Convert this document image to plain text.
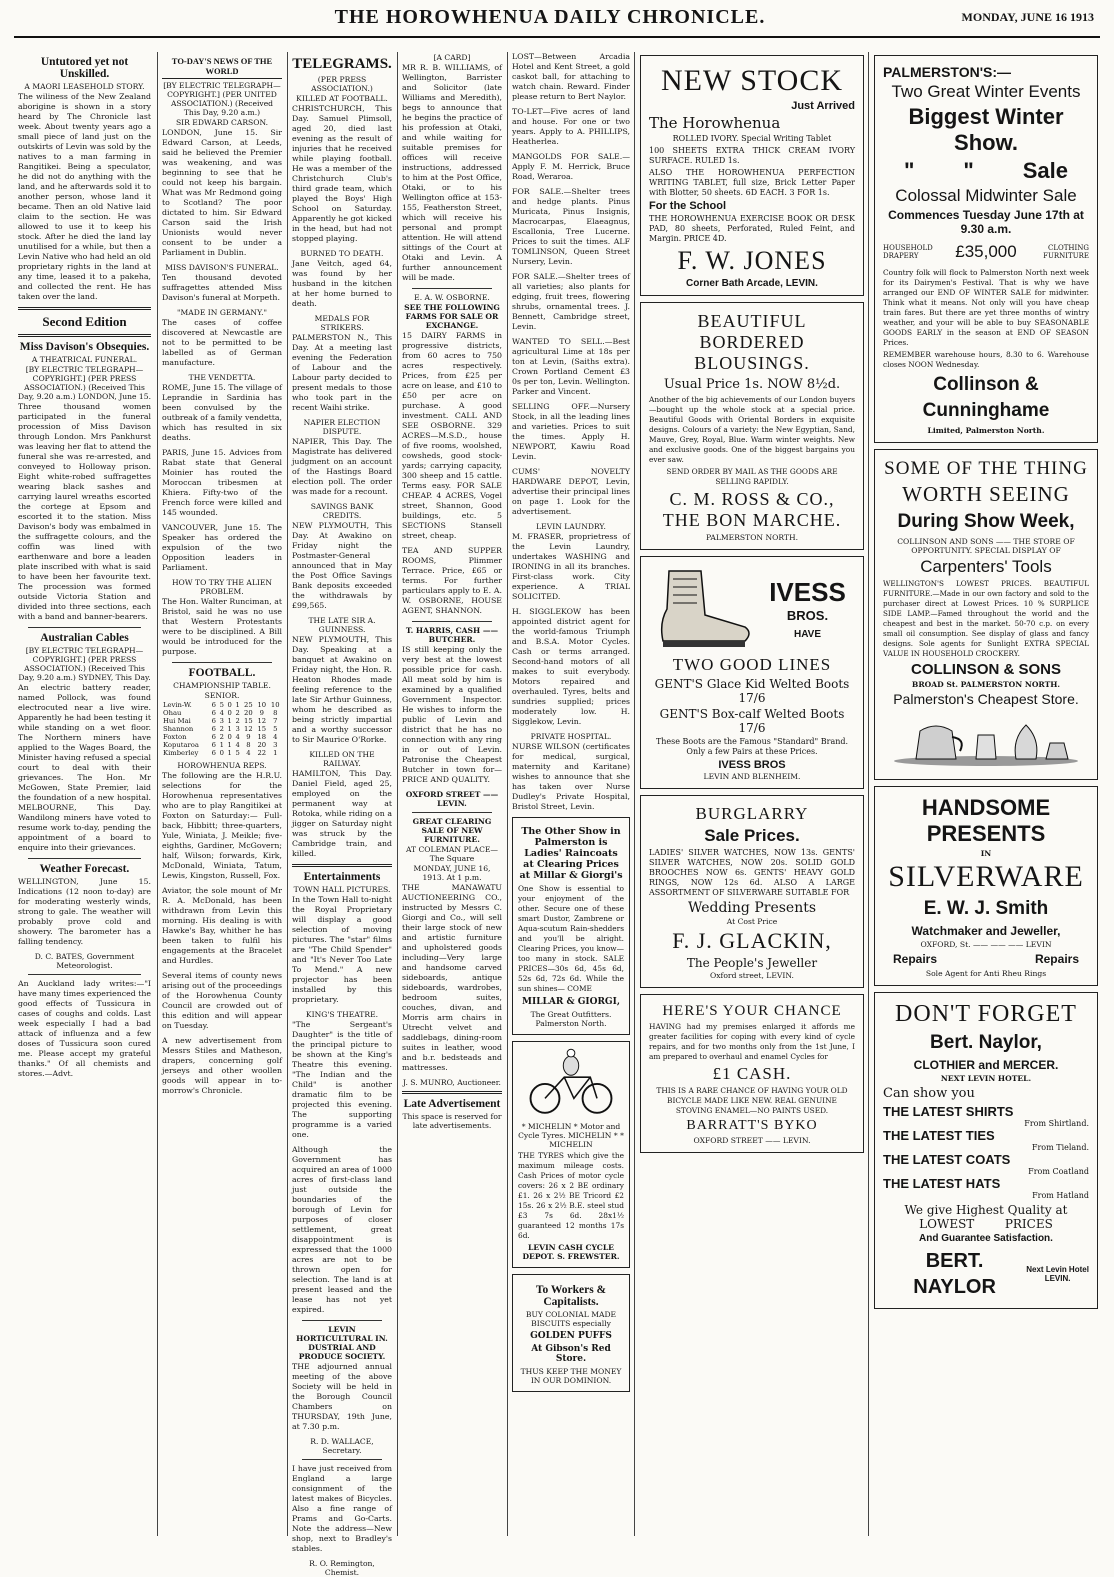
THE HOROWHENUA DAILY CHRONICLE.	MONDAY, JUNE 16 1913
Untutored yet not Unskilled.
A MAORI LEASEHOLD STORY.

The wiliness of the New Zealand aborigine is shown in a story heard by The Chronicle last week. About twenty years ago a small piece of land just on the outskirts of Levin was sold by the natives to a man farming in Rangitikei. Being a speculator, he did not do anything with the land, and he afterwards sold it to another person, whose land it became. Then an old Native laid claim to the section. He was allowed to use it to keep his stock. After he died the land lay unutilised for a while, but then a Levin Native who had held an old proprietary rights in the land at any time, leased it to a pakeha, and collected the rent. He has taken over the land.

Second Edition
Miss Davison's Obsequies.
A THEATRICAL FUNERAL.
[BY ELECTRIC TELEGRAPH—COPYRIGHT.] (PER PRESS ASSOCIATION.) (Received This Day, 9.20 a.m.) LONDON, June 15.

Three thousand women participated in the funeral procession of Miss Davison through London. Mrs Pankhurst was leaving her flat to attend the funeral she was re-arrested, and conveyed to Holloway prison. Eight white-robed suffragettes wearing black sashes and carrying laurel wreaths escorted the cortege at Epsom and escorted it to the station. Miss Davison's body was embalmed in the suffragette colours, and the coffin was lined with earthenware and bore a leaden plate inscribed with what is said to have been her favourite text. The procession was formed outside Victoria Station and divided into three sections, each with a band and banner-bearers.

Australian Cables
[BY ELECTRIC TELEGRAPH—COPYRIGHT.] (PER PRESS ASSOCIATION.) (Received This Day, 9.20 a.m.) SYDNEY, This Day.

An electric battery reader, named Pollock, was found electrocuted near a live wire. Apparently he had been testing it while standing on a wet floor. The Northern miners have applied to the Wages Board, the Minister having refused a special court to deal with their grievances. The Hon. Mr McGowen, State Premier, laid the foundation of a new hospital. MELBOURNE, This Day. Wandilong miners have voted to resume work to-day, pending the appointment of a board to enquire into their grievances.

Weather Forecast.

WELLINGTON, June 15. Indications (12 noon to-day) are for moderating westerly winds, strong to gale. The weather will probably prove cold and showery. The barometer has a falling tendency.

D. C. BATES, Government Meteorologist.

An Auckland lady writes:—"I have many times experienced the good effects of Tussicura in cases of coughs and colds. Last week especially I had a bad attack of influenza and a few doses of Tussicura soon cured me. Please accept my grateful thanks." Of all chemists and stores.—Advt.

TO-DAY'S NEWS OF THE WORLD
[BY ELECTRIC TELEGRAPH—COPYRIGHT.] (PER UNITED ASSOCIATION.) (Received This Day, 9.20 a.m.)
SIR EDWARD CARSON.

LONDON, June 15. Sir Edward Carson, at Leeds, said he believed the Premier was weakening, and was beginning to see that he could not keep his bargain. What was Mr Redmond going to Scotland? The poor dictated to him. Sir Edward Carson said the Irish Unionists would never consent to be under a Parliament in Dublin.

MISS DAVISON'S FUNERAL.

Ten thousand devoted suffragettes attended Miss Davison's funeral at Morpeth.

"MADE IN GERMANY."

The cases of coffee discovered at Newcastle are not to be permitted to be labelled as of German manufacture.

THE VENDETTA.

ROME, June 15. The village of Leprandie in Sardinia has been convulsed by the outbreak of a family vendetta, which has resulted in six deaths.

PARIS, June 15. Advices from Rabat state that General Moinier has routed the Moroccan tribesmen at Khiera. Fifty-two of the French force were killed and 145 wounded.

VANCOUVER, June 15. The Speaker has ordered the expulsion of the two Opposition leaders in Parliament.

HOW TO TRY THE ALIEN PROBLEM.

The Hon. Walter Runciman, at Bristol, said he was no use that Western Protestants were to be disciplined. A Bill would be introduced for the purpose.

FOOTBALL.
CHAMPIONSHIP TABLE.
SENIOR.
Levin-W.	6	5	0	1	25	10	10
Ohau	6	4	0	2	20	9	8
Hui Mai	6	3	1	2	15	12	7
Shannon	6	2	1	3	12	15	5
Foxton	6	2	0	4	9	18	4
Koputaroa	6	1	1	4	8	20	3
Kimberley	6	0	1	5	4	22	1
HOROWHENUA REPS.

The following are the H.R.U. selections for the Horowhenua representatives who are to play Rangitikei at Foxton on Saturday:— Full-back, Hibbitt; three-quarters, Yule, Winiata, J. Meikle; five-eighths, Gardiner, McGovern; half, Wilson; forwards, Kirk, McDonald, Winiata, Tatum, Lewis, Kingston, Russell, Fox.

Aviator, the sole mount of Mr R. A. McDonald, has been withdrawn from Levin this morning. His dealing is with Hawke's Bay, whither he has been taken to fulfil his engagements at the Bracelet and Hurdles.

Several items of county news arising out of the proceedings of the Horowhenua County Council are crowded out of this edition and will appear on Tuesday.

A new advertisement from Messrs Stiles and Matheson, drapers, concerning golf jerseys and other woollen goods will appear in to-morrow's Chronicle.

TELEGRAMS.
(PER PRESS ASSOCIATION.)
KILLED AT FOOTBALL.

CHRISTCHURCH, This Day. Samuel Plimsoll, aged 20, died last evening as the result of injuries that he received while playing football. He was a member of the Christchurch Club's third grade team, which played the Boys' High School on Saturday. Apparently he got kicked in the head, but had not stopped playing.

BURNED TO DEATH.

Jane Veitch, aged 64, was found by her husband in the kitchen at her home burned to death.

MEDALS FOR STRIKERS.

PALMERSTON N., This Day. At a meeting last evening the Federation of Labour and the Labour party decided to present medals to those who took part in the recent Waihi strike.

NAPIER ELECTION DISPUTE.

NAPIER, This Day. The Magistrate has delivered judgment on an account of the Hastings Board election poll. The order was made for a recount.

SAVINGS BANK CREDITS.

NEW PLYMOUTH, This Day. At Awakino on Friday night the Postmaster-General announced that in May the Post Office Savings Bank deposits exceeded the withdrawals by £99,565.

THE LATE SIR A. GUINNESS.

NEW PLYMOUTH, This Day. Speaking at a banquet at Awakino on Friday night, the Hon. R. Heaton Rhodes made feeling reference to the late Sir Arthur Guinness, whom he described as being strictly impartial and a worthy successor to Sir Maurice O'Rorke.

KILLED ON THE RAILWAY.

HAMILTON, This Day. Daniel Field, aged 25, employed on the permanent way at Rotoka, while riding on a jigger on Saturday night was struck by the Cambridge train, and killed.

Entertainments
TOWN HALL PICTURES.

In the Town Hall to-night the Royal Proprietary will display a good selection of moving pictures. The "star" films are "The Child Spender" and "It's Never Too Late To Mend." A new projector has been installed by this proprietary.

KING'S THEATRE.

"The Sergeant's Daughter" is the title of the principal picture to be shown at the King's Theatre this evening. "The Indian and the Child" is another dramatic film to be projected this evening. The supporting programme is a varied one.

Although the Government has acquired an area of 1000 acres of first-class land just outside the boundaries of the borough of Levin for purposes of closer settlement, great disappointment is expressed that the 1000 acres are not to be thrown open for selection. The land is at present leased and the lease has not yet expired.

LEVIN HORTICULTURAL IN. DUSTRIAL AND PRODUCE SOCIETY.

THE adjourned annual meeting of the above Society will be held in the Borough Council Chambers on THURSDAY, 19th June, at 7.30 p.m.

R. D. WALLACE, Secretary.

I have just received from England a large consignment of the latest makes of Bicycles. Also a fine range of Prams and Go-Carts. Note the address—New shop, next to Bradley's stables.

R. O. Remington, Chemist.
[A CARD]

MR R. B. WILLIAMS, of Wellington, Barrister and Solicitor (late Williams and Meredith), begs to announce that he begins the practice of his profession at Otaki, and while waiting for suitable premises for offices will receive instructions, addressed to him at the Post Office, Otaki, or to his Wellington office at 153-155, Featherston Street, which will receive his personal and prompt attention. He will attend sittings of the Court at Otaki and Levin. A further announcement will be made.

E. A. W. OSBORNE.
SEE THE FOLLOWING FARMS FOR SALE OR EXCHANGE.

15 DAIRY FARMS in progressive districts, from 60 acres to 750 acres respectively. Prices, from £25 per acre on lease, and £10 to £50 per acre on purchase. A good investment. CALL AND SEE OSBORNE. 329 ACRES—M.S.D., house of five rooms, woolshed, cowsheds, good stock-yards; carrying capacity, 300 sheep and 15 cattle. Terms easy. FOR SALE CHEAP. 4 ACRES, Vogel street, Shannon, Good buildings, etc. 5 SECTIONS Stansell street, cheap.

TEA AND SUPPER ROOMS, Plimmer Terrace. Price, £65 or terms. For further particulars apply to E. A. W. OSBORNE, HOUSE AGENT, SHANNON.

T. HARRIS, CASH —— BUTCHER.

IS still keeping only the very best at the lowest possible price for cash. All meat sold by him is examined by a qualified Government Inspector. He wishes to inform the public of Levin and district that he has no connection with any ring in or out of Levin. Patronise the Cheapest Butcher in town for— PRICE AND QUALITY.

OXFORD STREET —— LEVIN.
GREAT CLEARING SALE OF NEW FURNITURE.
AT COLEMAN PLACE—The Square
MONDAY, JUNE 16, 1913. At 1 p.m.

THE MANAWATU AUCTIONEERING CO., instructed by Messrs C. Giorgi and Co., will sell their large stock of new and artistic furniture and upholstered goods including—Very large and handsome carved sideboards, antique sideboards, wardrobes, bedroom suites, couches, divan, and Morris arm chairs in Utrecht velvet and saddlebags, dining-room suites in leather, wood and b.r. bedsteads and mattresses.

J. S. MUNRO, Auctioneer.
Late Advertisement
This space is reserved for late advertisements.

LOST—Between Arcadia Hotel and Kent Street, a gold caskot ball, for attaching to watch chain. Reward. Finder please return to Bert Naylor.

TO-LET—Five acres of land and house. For one or two years. Apply to A. PHILLIPS, Heatherlea.

MANGOLDS FOR SALE.—Apply F. M. Herrick, Bruce Road, Weraroa.

FOR SALE.—Shelter trees and hedge plants. Pinus Muricata, Pinus Insignis, Macrocarpas, Elaeagnus, Escallonia, Tree Lucerne. Prices to suit the times. ALF TOMLINSON, Queen Street Nursery, Levin.

FOR SALE.—Shelter trees of all varieties; also plants for edging, fruit trees, flowering shrubs, ornamental trees. J. Bennett, Cambridge street, Levin.

WANTED TO SELL.—Best agricultural Lime at 18s per ton at Levin, (Saiths extra). Crown Portland Cement £3 0s per ton, Levin. Wellington. Parker and Vincent.

SELLING OFF.—Nursery Stock, in all the leading lines and varieties. Prices to suit the times. Apply H. NEWPORT, Kawiu Road Levin.

CUMS' NOVELTY HARDWARE DEPOT, Levin, advertise their principal lines on page 1. Look for the advertisement.

LEVIN LAUNDRY.

M. FRASER, proprietress of the Levin Laundry, undertakes WASHING and IRONING in all its branches. First-class work. City experience. A TRIAL SOLICITED.

H. SIGGLEKOW has been appointed district agent for the world-famous Triumph and B.S.A. Motor Cycles. Cash or terms arranged. Second-hand motors of all makes to suit everybody. Motors repaired and overhauled. Tyres, belts and sundries supplied; prices moderately low. H. Sigglekow, Levin.

PRIVATE HOSPITAL.

NURSE WILSON (certificates for medical, surgical, maternity and Karitane) wishes to announce that she has taken over Nurse Dudley's Private Hospital, Bristol Street, Levin.

The Other Show in Palmerston is Ladies' Raincoats at Clearing Prices at Millar & Giorgi's

One Show is essential to your enjoyment of the other. Secure one of these smart Dustor, Zambrene or Aqua-scutum Rain-shedders and you'll be alright. Clearing Prices, you know—too many in stock. SALE PRICES—30s 6d, 45s 6d, 52s 6d, 72s 6d. While the sun shines— COME

MILLAR & GIORGI,
The Great Outfitters. Palmerston North.
* MICHELIN * Motor and Cycle Tyres. MICHELIN * * MICHELIN

THE TYRES which give the maximum mileage costs. Cash Prices of motor cycle covers: 26 x 2 BE ordinary £1. 26 x 2½ BE Tricord £2 15s. 26 x 2½ B.E. steel stud £3 7s 6d. 28x1½ guaranteed 12 months 17s 6d.

LEVIN CASH CYCLE DEPOT. S. FREWSTER.
To Workers & Capitalists.
BUY COLONIAL MADE BISCUITS especially
GOLDEN PUFFS
At Gibson's Red Store.
THUS KEEP THE MONEY IN OUR DOMINION.
NEW STOCK
Just Arrived
The Horowhenua

ROLLED IVORY. Special Writing Tablet

100 SHEETS EXTRA THICK CREAM IVORY SURFACE. RULED 1s.

ALSO THE HOROWHENUA PERFECTION WRITING TABLET, full size, Brick Letter Paper with Blotter, 50 sheets. 6D EACH. 3 FOR 1s.

For the School

THE HOROWHENUA EXERCISE BOOK OR DESK PAD, 80 sheets, Perforated, Ruled Feint, and Margin. PRICE 4D.

F. W. JONES
Corner Bath Arcade, LEVIN.
BEAUTIFUL BORDERED BLOUSINGS.
Usual Price 1s. NOW 8½d.

Another of the big achievements of our London buyers—bought up the whole stock at a special price. Beautiful Goods with Oriental Borders in exquisite designs. Colours of a variety: the New Egyptian, Sand, Mauve, Grey, Royal, Blue. Warm winter weights. New and exclusive goods. One of the biggest bargains you ever saw.

SEND ORDER BY MAIL AS THE GOODS ARE SELLING RAPIDLY.

C. M. ROSS & CO., THE BON MARCHE.
PALMERSTON NORTH.
IVESS
BROS.
HAVE
TWO GOOD LINES
GENT'S Glace Kid Welted Boots 17/6
GENT'S Box-calf Welted Boots 17/6

These Boots are the Famous "Standard" Brand. Only a few Pairs at these Prices.

IVESS BROS
LEVIN AND BLENHEIM.
BURGLARRY
Sale Prices.

LADIES' SILVER WATCHES, NOW 13s. GENTS' SILVER WATCHES, NOW 20s. SOLID GOLD BROOCHES NOW 6s. GENTS' HEAVY GOLD RINGS, NOW 12s 6d. ALSO A LARGE ASSORTMENT OF SILVERWARE SUITABLE FOR

Wedding Presents
At Cost Price
F. J. GLACKIN,
The People's Jeweller
Oxford street, LEVIN.
HERE'S YOUR CHANCE

HAVING had my premises enlarged it affords me greater facilities for coping with every kind of cycle repairs, and for two months only from the 1st June, I am prepared to overhaul and enamel Cycles for

£1 CASH.

THIS IS A RARE CHANCE OF HAVING YOUR OLD BICYCLE MADE LIKE NEW. REAL GENUINE STOVING ENAMEL—NO PAINTS USED.

BARRATT'S BYKO
OXFORD STREET —— LEVIN.
PALMERSTON'S:—
Two Great Winter Events
Biggest Winter Show.
"        "        Sale
Colossal Midwinter Sale
Commences Tuesday June 17th at 9.30 a.m.
HOUSEHOLD DRAPERY	£35,000	CLOTHING FURNITURE

Country folk will flock to Palmerston North next week for its Dairymen's Festival. That is why we have arranged our END OF WINTER SALE for midwinter. Think what it means. Not only will you have cheap train fares. But there are yet three months of wintry weather, and your will be able to buy SEASONABLE GOODS EARLY in the season at END OF SEASON Prices.

REMEMBER warehouse hours, 8.30 to 6. Warehouse closes NOON Wednesday.

Collinson & Cunninghame
Limited, Palmerston North.
SOME OF THE THING
WORTH SEEING
During Show Week,
COLLINSON AND SONS —— THE STORE OF OPPORTUNITY. SPECIAL DISPLAY OF
Carpenters' Tools

WELLINGTON'S LOWEST PRICES. BEAUTIFUL FURNITURE.—Made in our own factory and sold to the purchaser direct at Lowest Prices. 10 % SURPLICE SIDE LAMP.—Famed throughout the world and the cheapest and best in the market. 50-70 c.p. on every small oil consumption. See display of glass and fancy designs. Sole agents for Sunlight EXTRA SPECIAL VALUE IN HOUSEHOLD CROCKERY.

COLLINSON & SONS
BROAD St. PALMERSTON NORTH.
Palmerston's Cheapest Store.
HANDSOME PRESENTS
IN
SILVERWARE
E. W. J. Smith
Watchmaker and Jeweller,
OXFORD, St. —— —— —— LEVIN
Repairs	Repairs
Sole Agent for Anti Rheu Rings
DON'T FORGET
Bert. Naylor,
CLOTHIER and MERCER.
NEXT LEVIN HOTEL.
Can show you
THE LATEST SHIRTS
From Shirtland.
THE LATEST TIES
From Tieland.
THE LATEST COATS
From Coatland
THE LATEST HATS
From Hatland
We give Highest Quality at
LOWEST        PRICES
And Guarantee Satisfaction.
BERT. NAYLOR
Next Levin Hotel LEVIN.
